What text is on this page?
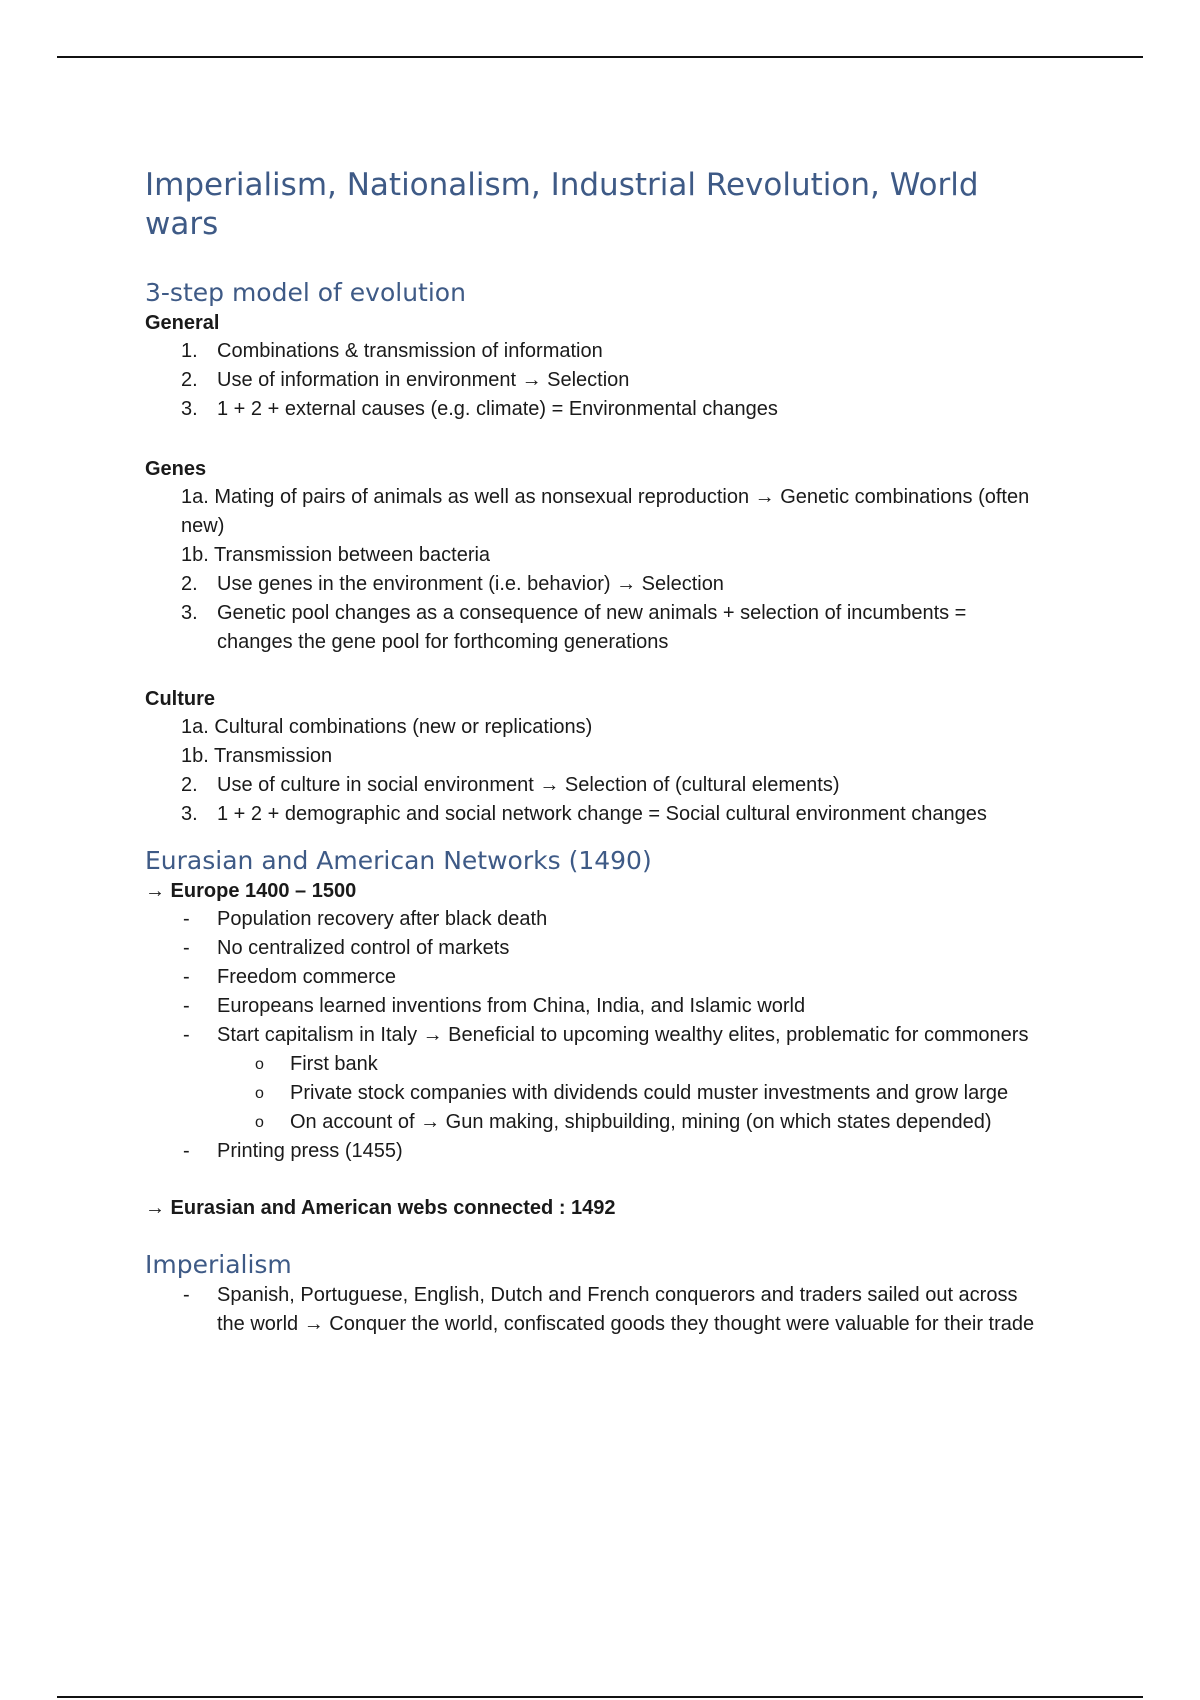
Imperialism, Nationalism, Industrial Revolution, World wars
3-step model of evolution

General

1. Combinations & transmission of information
2. Use of information in environment → Selection
3. 1 + 2 + external causes (e.g. climate) = Environmental changes

Genes

1a. Mating of pairs of animals as well as nonsexual reproduction → Genetic combinations (often new)
1b. Transmission between bacteria
2. Use genes in the environment (i.e. behavior) → Selection
3. Genetic pool changes as a consequence of new animals + selection of incumbents = changes the gene pool for forthcoming generations

Culture

1a. Cultural combinations (new or replications)
1b. Transmission
2. Use of culture in social environment → Selection of (cultural elements)
3. 1 + 2 + demographic and social network change = Social cultural environment changes
Eurasian and American Networks (1490)

→ Europe 1400 – 1500

- Population recovery after black death
- No centralized control of markets
- Freedom commerce
- Europeans learned inventions from China, India, and Islamic world
- Start capitalism in Italy → Beneficial to upcoming wealthy elites, problematic for commoners
o First bank
o Private stock companies with dividends could muster investments and grow large
o On account of → Gun making, shipbuilding, mining (on which states depended)
- Printing press (1455)

→ Eurasian and American webs connected : 1492

Imperialism
- Spanish, Portuguese, English, Dutch and French conquerors and traders sailed out across the world → Conquer the world, confiscated goods they thought were valuable for their trade
